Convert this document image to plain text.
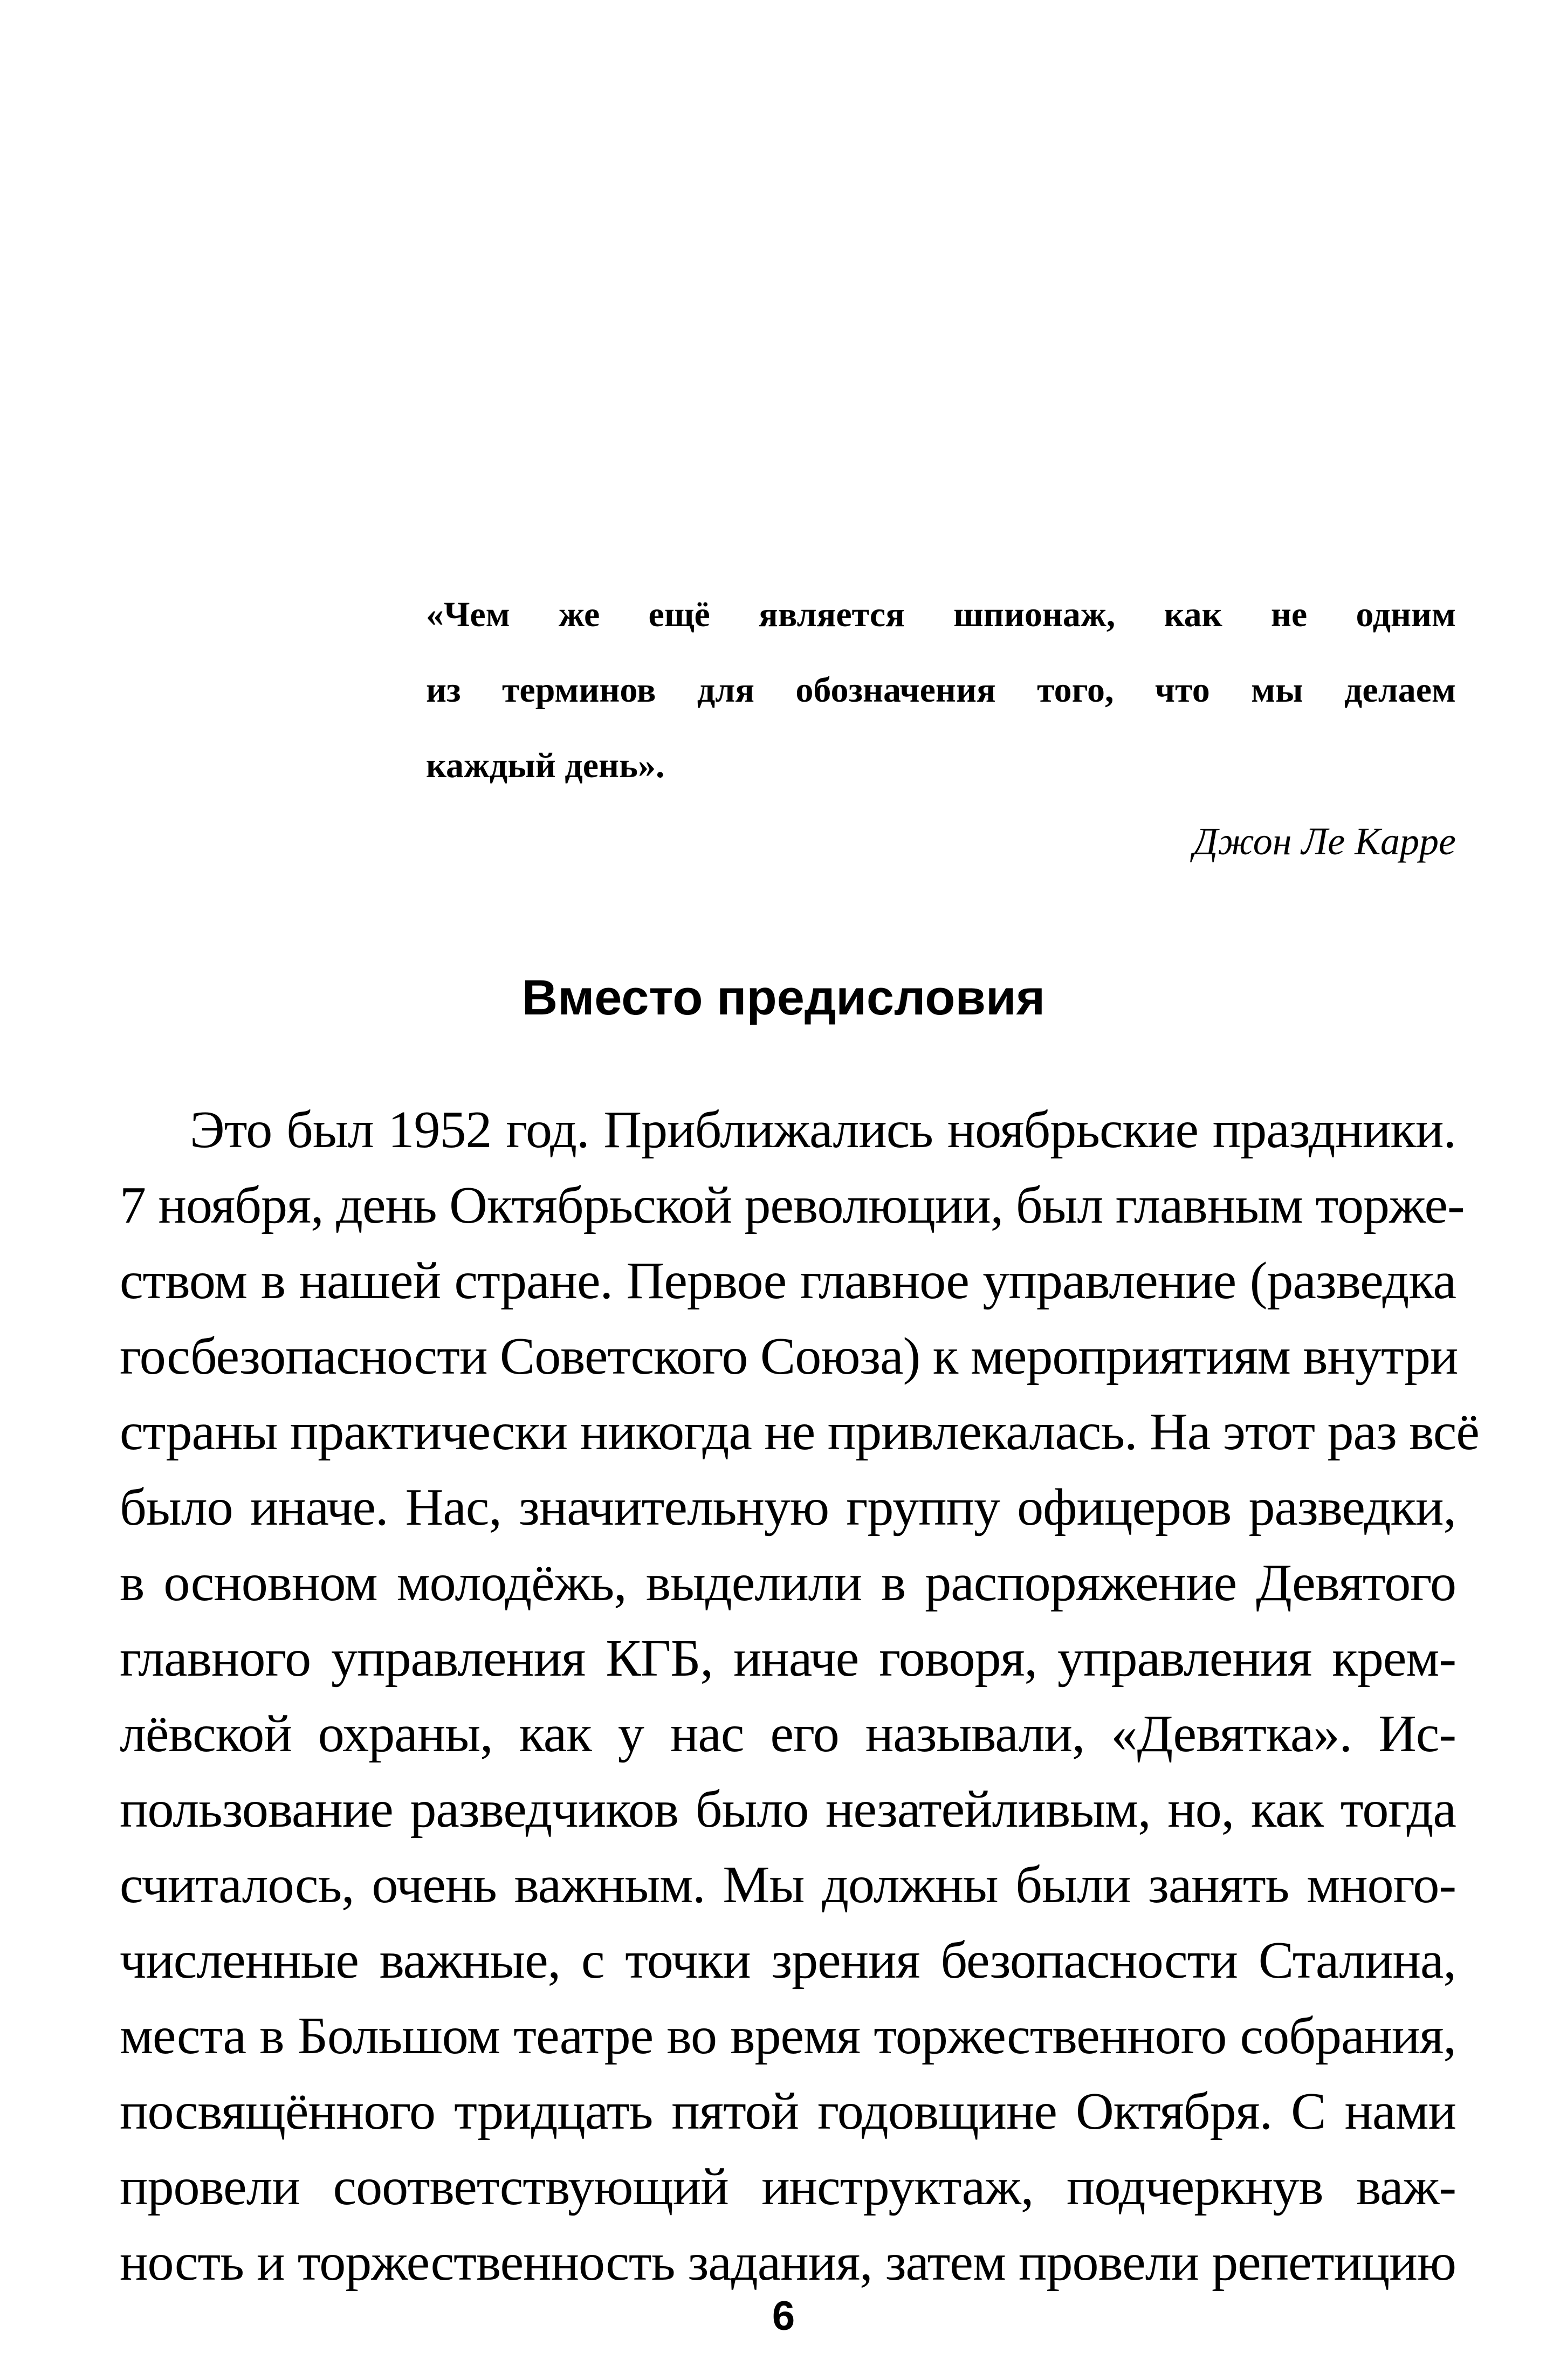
«Чем же ещё является шпионаж, как не одним
из терминов для обозначения того, что мы делаем
каждый день».
Джон Ле Карре
Вместо предисловия
Это был 1952 год. Приближались ноябрьские праздники.
7 ноября, день Октябрьской революции, был главным торже-
ством в нашей стране. Первое главное управление (разведка
госбезопасности Советского Союза) к мероприятиям внутри
страны практически никогда не привлекалась. На этот раз всё
было иначе. Нас, значительную группу офицеров разведки,
в основном молодёжь, выделили в распоряжение Девятого
главного управления КГБ, иначе говоря, управления крем-
лёвской охраны, как у нас его называли, «Девятка». Ис-
пользование разведчиков было незатейливым, но, как тогда
считалось, очень важным. Мы должны были занять много-
численные важные, с точки зрения безопасности Сталина,
места в Большом театре во время торжественного собрания,
посвящённого тридцать пятой годовщине Октября. С нами
провели соответствующий инструктаж, подчеркнув важ-
ность и торжественность задания, затем провели репетицию
6
